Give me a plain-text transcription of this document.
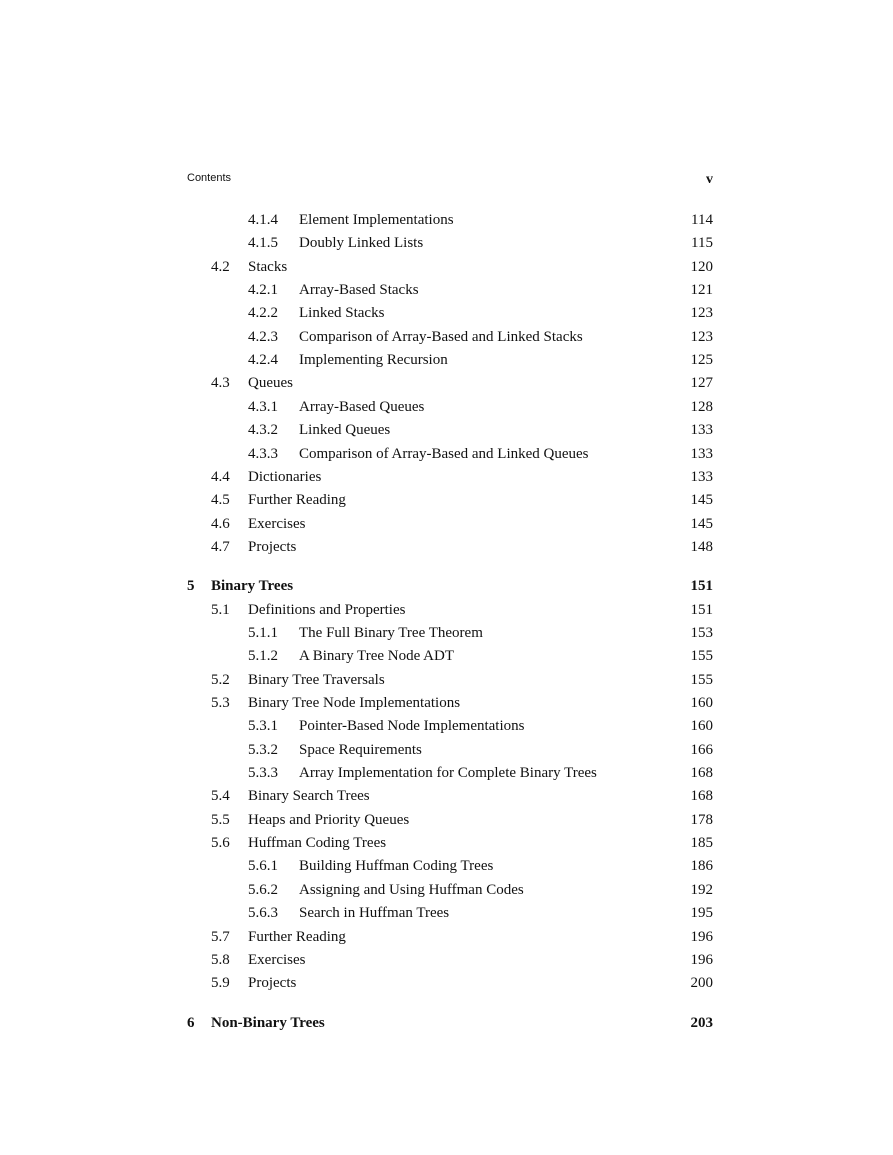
Contents	v
4.1.4 Element Implementations	114
4.1.5 Doubly Linked Lists	115
4.2 Stacks	120
4.2.1 Array-Based Stacks	121
4.2.2 Linked Stacks	123
4.2.3 Comparison of Array-Based and Linked Stacks	123
4.2.4 Implementing Recursion	125
4.3 Queues	127
4.3.1 Array-Based Queues	128
4.3.2 Linked Queues	133
4.3.3 Comparison of Array-Based and Linked Queues	133
4.4 Dictionaries	133
4.5 Further Reading	145
4.6 Exercises	145
4.7 Projects	148
5 Binary Trees	151
5.1 Definitions and Properties	151
5.1.1 The Full Binary Tree Theorem	153
5.1.2 A Binary Tree Node ADT	155
5.2 Binary Tree Traversals	155
5.3 Binary Tree Node Implementations	160
5.3.1 Pointer-Based Node Implementations	160
5.3.2 Space Requirements	166
5.3.3 Array Implementation for Complete Binary Trees	168
5.4 Binary Search Trees	168
5.5 Heaps and Priority Queues	178
5.6 Huffman Coding Trees	185
5.6.1 Building Huffman Coding Trees	186
5.6.2 Assigning and Using Huffman Codes	192
5.6.3 Search in Huffman Trees	195
5.7 Further Reading	196
5.8 Exercises	196
5.9 Projects	200
6 Non-Binary Trees	203
